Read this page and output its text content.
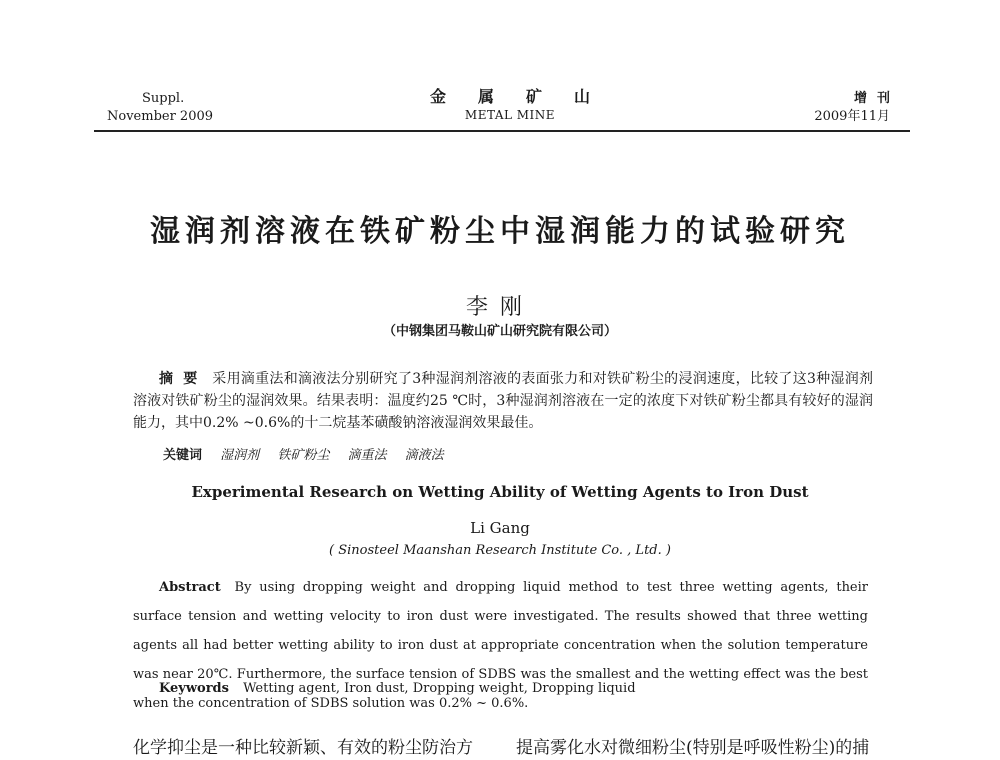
Suppl.
November 2009
金属矿山
METAL MINE
增刊
2009年11月
湿润剂溶液在铁矿粉尘中湿润能力的试验研究
李刚
（中钢集团马鞍山矿山研究院有限公司）
摘要 采用滴重法和滴液法分别研究了3种湿润剂溶液的表面张力和对铁矿粉尘的浸润速度，比较了这3种湿润剂溶液对铁矿粉尘的湿润效果。结果表明：温度约25 ℃时，3种湿润剂溶液在一定的浓度下对铁矿粉尘都具有较好的湿润能力，其中0.2% ~0.6%的十二烷基苯磺酸钠溶液湿润效果最佳。
关键词 湿润剂 铁矿粉尘 滴重法 滴液法
Experimental Research on Wetting Ability of Wetting Agents to Iron Dust
Li Gang
( Sinosteel Maanshan Research Institute Co. , Ltd. )
Abstract By using dropping weight and dropping liquid method to test three wetting agents, their surface tension and wetting velocity to iron dust were investigated. The results showed that three wetting agents all had better wetting ability to iron dust at appropriate concentration when the solution temperature was near 20℃. Furthermore, the surface tension of SDBS was the smallest and the wetting effect was the best when the concentration of SDBS solution was 0.2% ~ 0.6%.
Keywords Wetting agent, Iron dust, Dropping weight, Dropping liquid
化学抑尘是一种比较新颖、有效的粉尘防治方	提高雾化水对微细粉尘(特别是呼吸性粉尘)的捕
